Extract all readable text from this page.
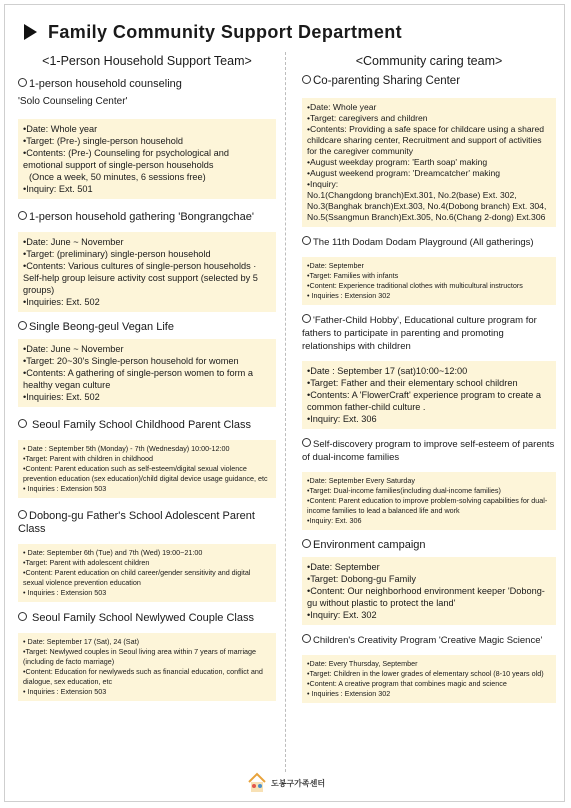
Family Community Support Department
<1-Person Household Support Team>
1-person household counseling
'Solo Counseling Center'
•Date: Whole year
•Target: (Pre-) single-person household
•Contents: (Pre-) Counseling for psychological and emotional support of single-person households
(Once a week, 50 minutes, 6 sessions free)
•Inquiry: Ext. 501
1-person household gathering 'Bongrangchae'
•Date: June ~ November
•Target: (preliminary) single-person household
•Contents: Various cultures of single-person households · Self-help group leisure activity cost support (selected by 5 groups)
•Inquiries: Ext. 502
Single Beong-geul Vegan Life
•Date: June ~ November
•Target: 20~30's Single-person household for women
•Contents: A gathering of single-person women to form a healthy vegan culture
•Inquiries: Ext. 502
Seoul Family School Childhood Parent Class
• Date : September 5th (Monday) - 7th (Wednesday) 10:00-12:00
•Target: Parent with children in childhood
•Content: Parent education such as self-esteem/digital sexual violence prevention education (sex education)/child digital device usage guidance, etc
• Inquiries : Extension 503
Dobong-gu Father's School Adolescent Parent Class
• Date: September 6th (Tue) and 7th (Wed) 19:00~21:00
•Target: Parent with adolescent children
•Content: Parent education on child career/gender sensitivity and digital sexual violence prevention education
• Inquiries : Extension 503
Seoul Family School Newlywed Couple Class
• Date: September 17 (Sat), 24 (Sat)
•Target: Newlywed couples in Seoul living area within 7 years of marriage (including de facto marriage)
•Content: Education for newlyweds such as financial education, conflict and dialogue, sex education, etc
• Inquiries : Extension 503
<Community caring team>
Co-parenting Sharing Center
•Date: Whole year
•Target: caregivers and children
•Contents: Providing a safe space for childcare using a shared childcare sharing center, Recruitment and support of activities for the caregiver community
•August weekday program: 'Earth soap' making
•August weekend program: 'Dreamcatcher' making
•Inquiry:
No.1(Changdong branch)Ext.301, No.2(base) Ext. 302, No.3(Banghak branch)Ext.303, No.4(Dobong branch) Ext. 304, No.5(Ssangmun Branch)Ext.305, No.6(Chang 2-dong) Ext.306
The 11th Dodam Dodam Playground (All gatherings)
•Date: September
•Target: Families with infants
•Content: Experience traditional clothes with multicultural instructors
• Inquiries : Extension 302
'Father-Child Hobby', Educational culture program for fathers to participate in parenting and promoting relationships with children
•Date : September 17 (sat)10:00~12:00
•Target: Father and their elementary school children
•Contents: A 'FlowerCraft' experience program to create a common father-child culture .
•Inquiry: Ext. 306
Self-discovery program to improve self-esteem of parents of dual-income families
•Date: September Every Saturday
•Target: Dual-income families(including dual-income families)
•Content: Parent education to improve problem-solving capabilities for dual-income families to lead a balanced life and work
•Inquiry: Ext. 306
Environment campaign
•Date: September
•Target: Dobong-gu Family
•Content: Our neighborhood environment keeper 'Dobong-gu without plastic to protect the land'
•Inquiry: Ext. 302
Children's Creativity Program 'Creative Magic Science'
•Date: Every Thursday, September
•Target: Children in the lower grades of elementary school (8-10 years old)
•Content: A creative program that combines magic and science
• Inquiries : Extension 302
도봉구가족센터
